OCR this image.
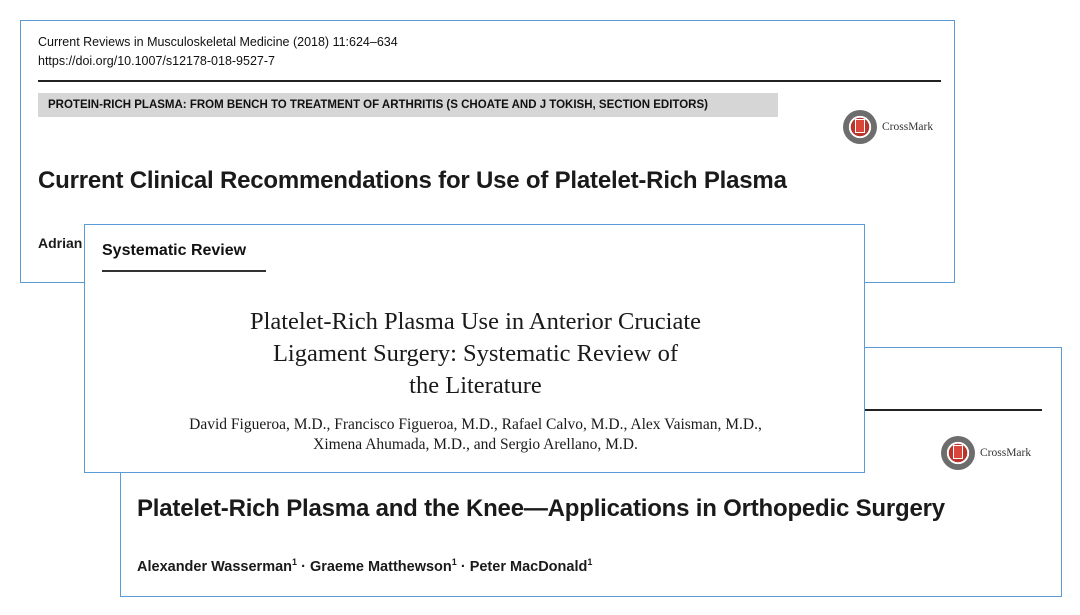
Current Reviews in Musculoskeletal Medicine (2018) 11:624–634
https://doi.org/10.1007/s12178-018-9527-7
PROTEIN-RICH PLASMA: FROM BENCH TO TREATMENT OF ARTHRITIS (S CHOATE AND J TOKISH, SECTION EDITORS)
CrossMark
Current Clinical Recommendations for Use of Platelet-Rich Plasma
Adrian
CrossMark
Platelet-Rich Plasma and the Knee—Applications in Orthopedic Surgery
Alexander Wasserman$^1$ · Graeme Matthewson$^1$ · Peter MacDonald$^1$
Systematic Review
Platelet-Rich Plasma Use in Anterior Cruciate
Ligament Surgery: Systematic Review of
the Literature
David Figueroa, M.D., Francisco Figueroa, M.D., Rafael Calvo, M.D., Alex Vaisman, M.D.,
Ximena Ahumada, M.D., and Sergio Arellano, M.D.
